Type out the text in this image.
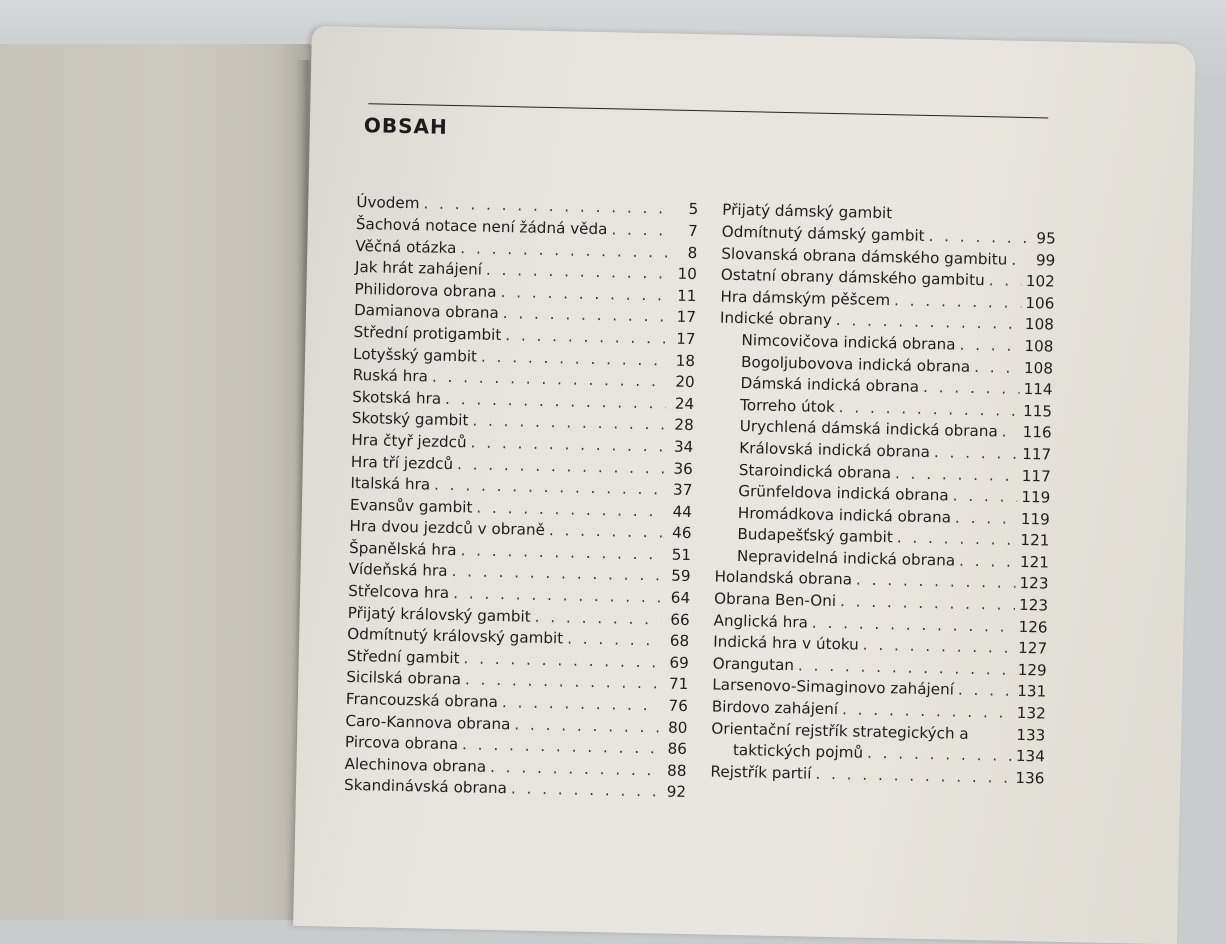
OBSAH
Úvodem . . .	5
Šachová notace není žádná věda . . .	7
Věčná otázka . . .	8
Jak hrát zahájení . . .	10
Philidorova obrana . . .	11
Damianova obrana . . .	17
Střední protigambit . . .	17
Lotyšský gambit . . .	18
Ruská hra . . .	20
Skotská hra . . .	24
Skotský gambit . . .	28
Hra čtyř jezdců . . .	34
Hra tří jezdců . . .	36
Italská hra . . .	37
Evansův gambit . . .	44
Hra dvou jezdců v obraně . . .	46
Španělská hra . . .	51
Vídeňská hra . . .	59
Střelcova hra . . .	64
Přijatý královský gambit . . .	66
Odmítnutý královský gambit . . .	68
Střední gambit . . .	69
Sicilská obrana . . .	71
Francouzská obrana . . .	76
Caro-Kannova obrana . . .	80
Pircova obrana . . .	86
Alechinova obrana . . .	88
Skandinávská obrana . . .	92
Přijatý dámský gambit
Odmítnutý dámský gambit . . .	95
Slovanská obrana dámského gambitu . . .	99
Ostatní obrany dámského gambitu . . .	102
Hra dámským pěšcem . . .	106
Indické obrany . . .	108
Nimcovičova indická obrana . . .	108
Bogoljubovova indická obrana . . .	108
Dámská indická obrana . . .	114
Torreho útok . . .	115
Urychlená dámská indická obrana . . . 116
Královská indická obrana . . .	117
Staroindická obrana . . .	117
Grünfeldova indická obrana . . .	119
Hromádkova indická obrana . . .	119
Budapešťský gambit . . .	121
Nepravidelná indická obrana . . .	121
Holandská obrana . . .	123
Obrana Ben-Oni . . .	123
Anglická hra . . .	126
Indická hra v útoku . . .	127
Orangutan . . .	129
Larsenovo-Simaginovo zahájení . . .	131
Birdovo zahájení . . .	132
Orientační rejstřík strategických a	133
taktických pojmů . . .	134
Rejstřík partií . . .	136
